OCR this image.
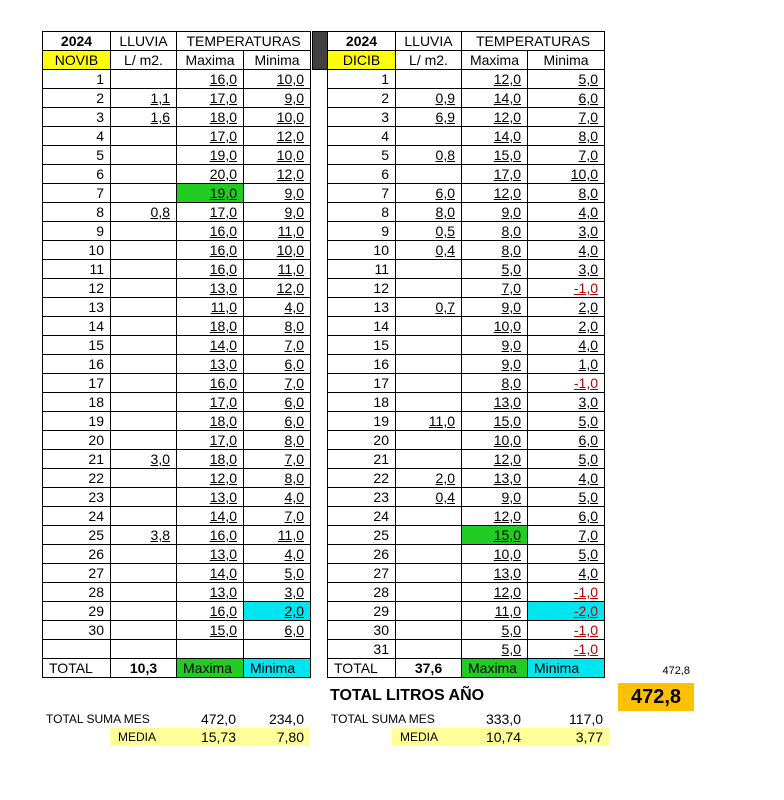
2024	LLUVIA	TEMPERATURAS	
NOVIB	L/ m2.	Maxima	Minima
1		16,0	10,0
2	1,1	17,0	9,0
3	1,6	18,0	10,0
4		17,0	12,0
5		19,0	10,0
6		20,0	12,0
7		19,0	9,0
8	0,8	17,0	9,0
9		16,0	11,0
10		16,0	10,0
11		16,0	11,0
12		13,0	12,0
13		11,0	4,0
14		18,0	8,0
15		14,0	7,0
16		13,0	6,0
17		16,0	7,0
18		17,0	6,0
19		18,0	6,0
20		17,0	8,0
21	3,0	18,0	7,0
22		12,0	8,0
23		13,0	4,0
24		14,0	7,0
25	3,8	16,0	11,0
26		13,0	4,0
27		14,0	5,0
28		13,0	3,0
29		16,0	2,0
30		15,0	6,0

TOTAL	10,3	Maxima	Minima
2024	LLUVIA	TEMPERATURAS	
DICIB	L/ m2.	Maxima	Minima
1		12,0	5,0
2	0,9	14,0	6,0
3	6,9	12,0	7,0
4		14,0	8,0
5	0,8	15,0	7,0
6		17,0	10,0
7	6,0	12,0	8,0
8	8,0	9,0	4,0
9	0,5	8,0	3,0
10	0,4	8,0	4,0
11		5,0	3,0
12		7,0	-1,0
13	0,7	9,0	2,0
14		10,0	2,0
15		9,0	4,0
16		9,0	1,0
17		8,0	-1,0
18		13,0	3,0
19	11,0	15,0	5,0
20		10,0	6,0
21		12,0	5,0
22	2,0	13,0	4,0
23	0,4	9,0	5,0
24		12,0	6,0
25		15,0	7,0
26		10,0	5,0
27		13,0	4,0
28		12,0	-1,0
29		11,0	-2,0
30		5,0	-1,0
31		5,0	-1,0
TOTAL	37,6	Maxima	Minima	472,8
TOTAL LITROS AÑO	472,8
TOTAL SUMA MES	472,0	234,0
MEDIA	15,73	7,80
TOTAL SUMA MES	333,0	117,0
MEDIA	10,74	3,77
